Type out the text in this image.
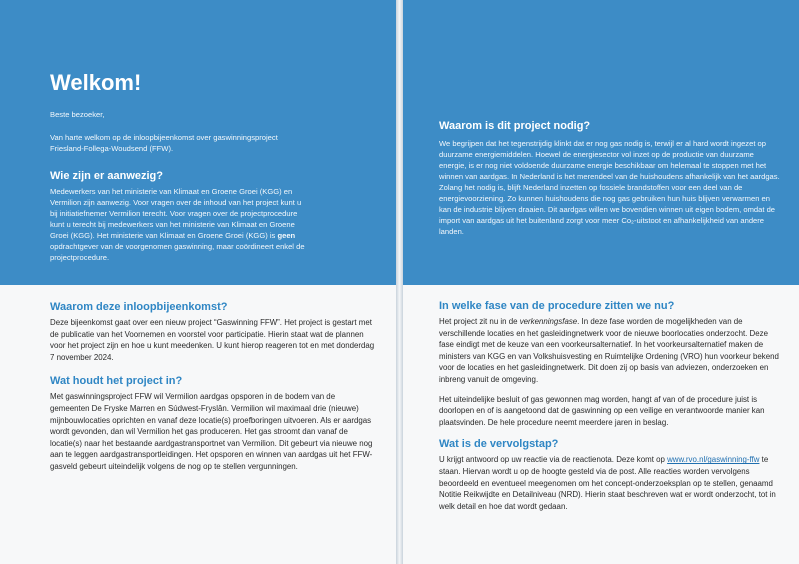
Welkom!

Beste bezoeker,

Van harte welkom op de inloopbijeenkomst over gaswinningsproject Friesland-Follega-Woudsend (FFW).

Wie zijn er aanwezig?

Medewerkers van het ministerie van Klimaat en Groene Groei (KGG) en Vermilion zijn aanwezig. Voor vragen over de inhoud van het project kunt u bij initiatiefnemer Vermilion terecht. Voor vragen over de projectprocedure kunt u terecht bij medewerkers van het ministerie van Klimaat en Groene Groei (KGG). Het ministerie van Klimaat en Groene Groei (KGG) is geen opdrachtgever van de voorgenomen gaswinning, maar coördineert enkel de projectprocedure.

Waarom is dit project nodig?

We begrijpen dat het tegenstrijdig klinkt dat er nog gas nodig is, terwijl er al hard wordt ingezet op duurzame energiemiddelen. Hoewel de energiesector vol inzet op de productie van duurzame energie, is er nog niet voldoende duurzame energie beschikbaar om helemaal te stoppen met het winnen van aardgas. In Nederland is het merendeel van de huishoudens afhankelijk van het aardgas. Zolang het nodig is, blijft Nederland inzetten op fossiele brandstoffen voor een deel van de energievoorziening. Zo kunnen huishoudens die nog gas gebruiken hun huis blijven verwarmen en kan de industrie blijven draaien. Dit aardgas willen we bovendien winnen uit eigen bodem, omdat de import van aardgas uit het buitenland zorgt voor meer Co₂-uitstoot en afhankelijkheid van andere landen.

Waarom deze inloopbijeenkomst?

Deze bijeenkomst gaat over een nieuw project “Gaswinning FFW”. Het project is gestart met de publicatie van het Voornemen en voorstel voor participatie. Hierin staat wat de plannen voor het project zijn en hoe u kunt meedenken. U kunt hierop reageren tot en met donderdag 7 november 2024.

Wat houdt het project in?

Met gaswinningsproject FFW wil Vermilion aardgas opsporen in de bodem van de gemeenten De Fryske Marren en Súdwest-Fryslân. Vermilion wil maximaal drie (nieuwe) mijnbouwlocaties oprichten en vanaf deze locatie(s) proefboringen uitvoeren. Als er aardgas wordt gevonden, dan wil Vermilion het gas produceren. Het gas stroomt dan vanaf de locatie(s) naar het bestaande aardgastransportnet van Vermilion. Dit gebeurt via nieuwe nog aan te leggen aardgastransportleidingen. Het opsporen en winnen van aardgas uit het FFW-gasveld gebeurt uiteindelijk volgens de nog op te stellen vergunningen.

In welke fase van de procedure zitten we nu?

Het project zit nu in de verkenningsfase. In deze fase worden de mogelijkheden van de verschillende locaties en het gasleidingnetwerk voor de nieuwe boorlocaties onderzocht. Deze fase eindigt met de keuze van een voorkeursalternatief. In het voorkeursalternatief maken de ministers van KGG en van Volkshuisvesting en Ruimtelijke Ordening (VRO) hun voorkeur bekend voor de locaties en het gasleidingnetwerk. Dit doen zij op basis van adviezen, onderzoeken en inbreng vanuit de omgeving.

Het uiteindelijke besluit of gas gewonnen mag worden, hangt af van of de procedure juist is doorlopen en of is aangetoond dat de gaswinning op een veilige en verantwoorde manier kan plaatsvinden. De hele procedure neemt meerdere jaren in beslag.

Wat is de vervolgstap?

U krijgt antwoord op uw reactie via de reactienota. Deze komt op www.rvo.nl/gaswinning-ffw te staan. Hiervan wordt u op de hoogte gesteld via de post. Alle reacties worden vervolgens beoordeeld en eventueel meegenomen om het concept-onderzoeksplan op te stellen, genaamd Notitie Reikwijdte en Detailniveau (NRD). Hierin staat beschreven wat er wordt onderzocht, tot in welk detail en hoe dat wordt gedaan.
